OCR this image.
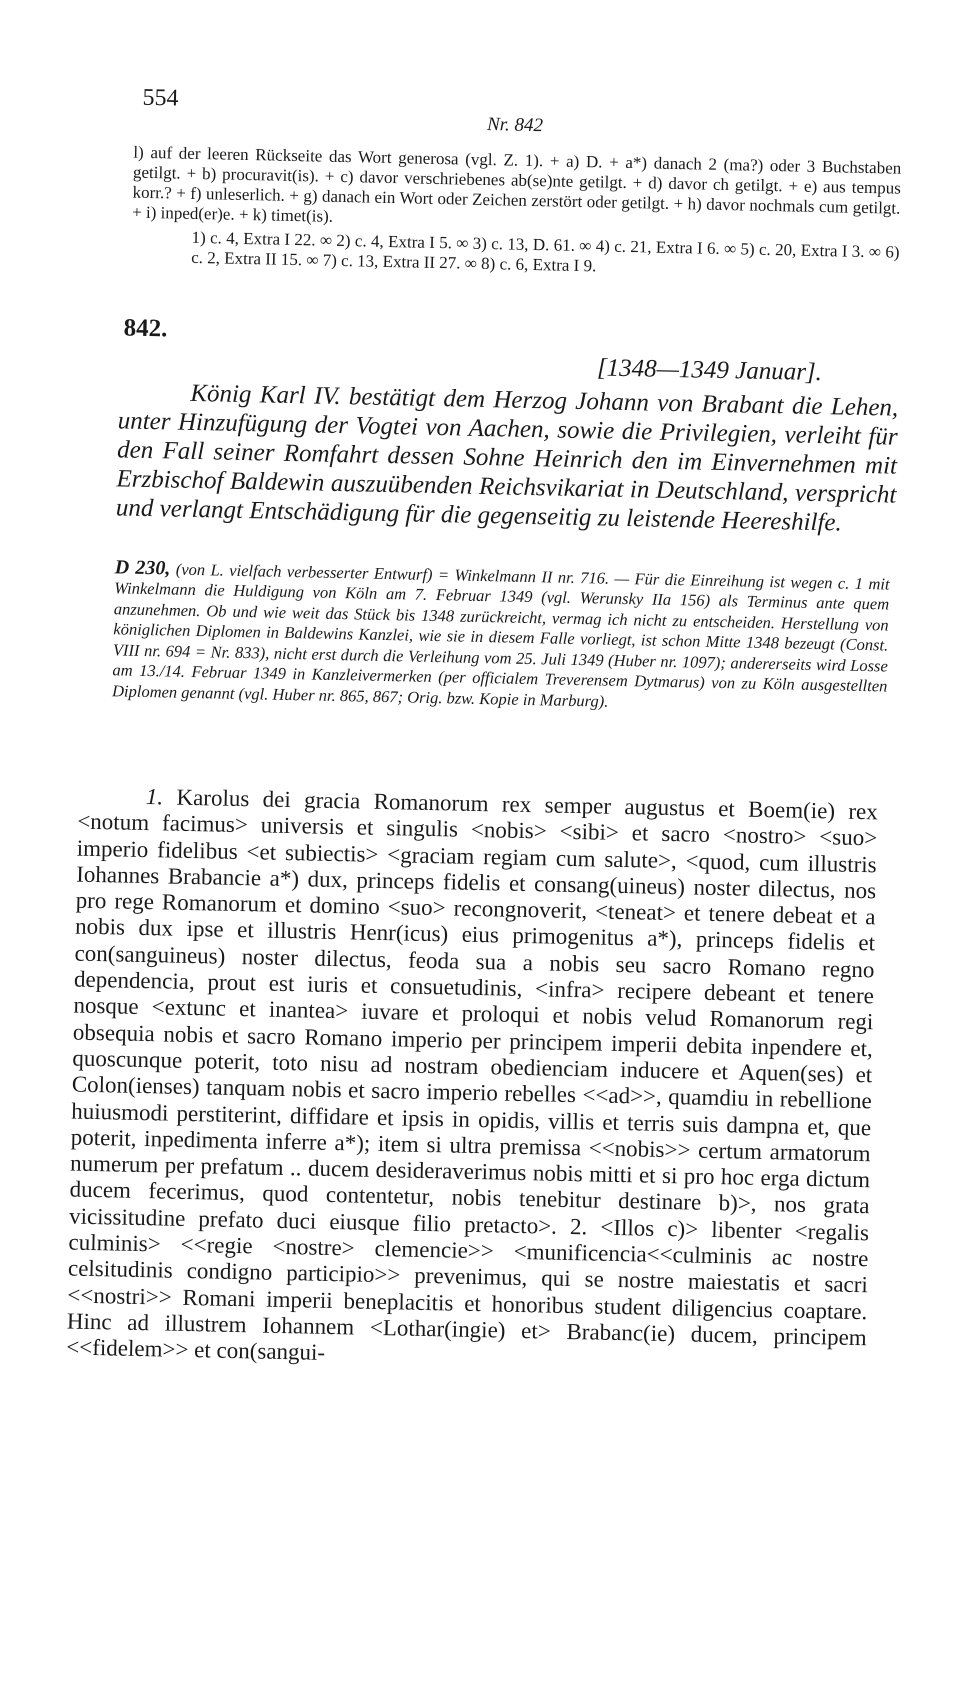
554
Nr. 842

l) auf der leeren Rückseite das Wort generosa (vgl. Z. 1). + a) D. + a*) danach 2 (ma?) oder 3 Buchstaben getilgt. + b) procuravit(is). + c) davor verschriebenes ab(se)nte getilgt. + d) davor ch getilgt. + e) aus tempus korr.? + f) unleserlich. + g) danach ein Wort oder Zeichen zerstört oder getilgt. + h) davor nochmals cum getilgt. + i) inped(er)e. + k) timet(is).

1) c. 4, Extra I 22. ∞ 2) c. 4, Extra I 5. ∞ 3) c. 13, D. 61. ∞ 4) c. 21, Extra I 6. ∞ 5) c. 20, Extra I 3. ∞ 6) c. 2, Extra II 15. ∞ 7) c. 13, Extra II 27. ∞ 8) c. 6, Extra I 9.

842.
[1348—1349 Januar].

König Karl IV. bestätigt dem Herzog Johann von Brabant die Lehen, unter Hinzufügung der Vogtei von Aachen, sowie die Privilegien, verleiht für den Fall seiner Romfahrt dessen Sohne Heinrich den im Einvernehmen mit Erzbischof Baldewin auszuübenden Reichsvikariat in Deutschland, verspricht und verlangt Entschädigung für die gegenseitig zu leistende Heereshilfe.

D 230, (von L. vielfach verbesserter Entwurf) = Winkelmann II nr. 716. — Für die Einreihung ist wegen c. 1 mit Winkelmann die Huldigung von Köln am 7. Februar 1349 (vgl. Werunsky IIa 156) als Terminus ante quem anzunehmen. Ob und wie weit das Stück bis 1348 zurückreicht, vermag ich nicht zu entscheiden. Herstellung von königlichen Diplomen in Baldewins Kanzlei, wie sie in diesem Falle vorliegt, ist schon Mitte 1348 bezeugt (Const. VIII nr. 694 = Nr. 833), nicht erst durch die Verleihung vom 25. Juli 1349 (Huber nr. 1097); andererseits wird Losse am 13./14. Februar 1349 in Kanzleivermerken (per officialem Treverensem Dytmarus) von zu Köln ausgestellten Diplomen genannt (vgl. Huber nr. 865, 867; Orig. bzw. Kopie in Marburg).

1. Karolus dei gracia Romanorum rex semper augustus et Boem(ie) rex <notum facimus> universis et singulis <nobis> ˂sibi˃ et sacro <nostro> ˂suo˃ imperio fidelibus <et subiectis> ˂graciam regiam cum salute˃, <quod, cum illustris Iohannes Brabancie a*) dux, princeps fidelis et consang(uineus) noster dilectus, nos pro rege Romanorum et domino ˂suo˃ recongnoverit, ˂teneat˃ et tenere debeat et a nobis dux ipse et illustris Henr(icus) eius primogenitus a*), princeps fidelis et con(sanguineus) noster dilectus, feoda sua a nobis seu sacro Romano regno dependencia, prout est iuris et consuetudinis, ˂infra˃ recipere debeant et tenere nosque ˂extunc et inantea˃ iuvare et proloqui et nobis velud Romanorum regi obsequia nobis et sacro Romano imperio per principem imperii debita inpendere et, quoscunque poterit, toto nisu ad nostram obedienciam inducere et Aquen(ses) et Colon(ienses) tanquam nobis et sacro imperio rebelles <<ad>>, quamdiu in rebellione huiusmodi perstiterint, diffidare et ipsis in opidis, villis et terris suis dampna et, que poterit, inpedimenta inferre a*); item si ultra premissa <<nobis>> certum armatorum numerum per prefatum .. ducem desideraverimus nobis mitti et si pro hoc erga dictum ducem fecerimus, quod contentetur, nobis tenebitur destinare b)>, nos grata vicissitudine prefato duci eiusque filio pretacto>. 2. ˂Illos c)˃ libenter <regalis culminis> ˂˂regie <nostre> clemencie˃˃ ˂munificencia˂˂culminis ac nostre celsitudinis condigno participio˃˃ prevenimus, qui se nostre maiestatis et sacri ˂˂nostri˃˃ Romani imperii beneplacitis et honoribus student diligencius coaptare. Hinc ad illustrem Iohannem <Lothar(ingie) et> Brabanc(ie) ducem, principem ˂˂fidelem˃˃ et con(sangui-
